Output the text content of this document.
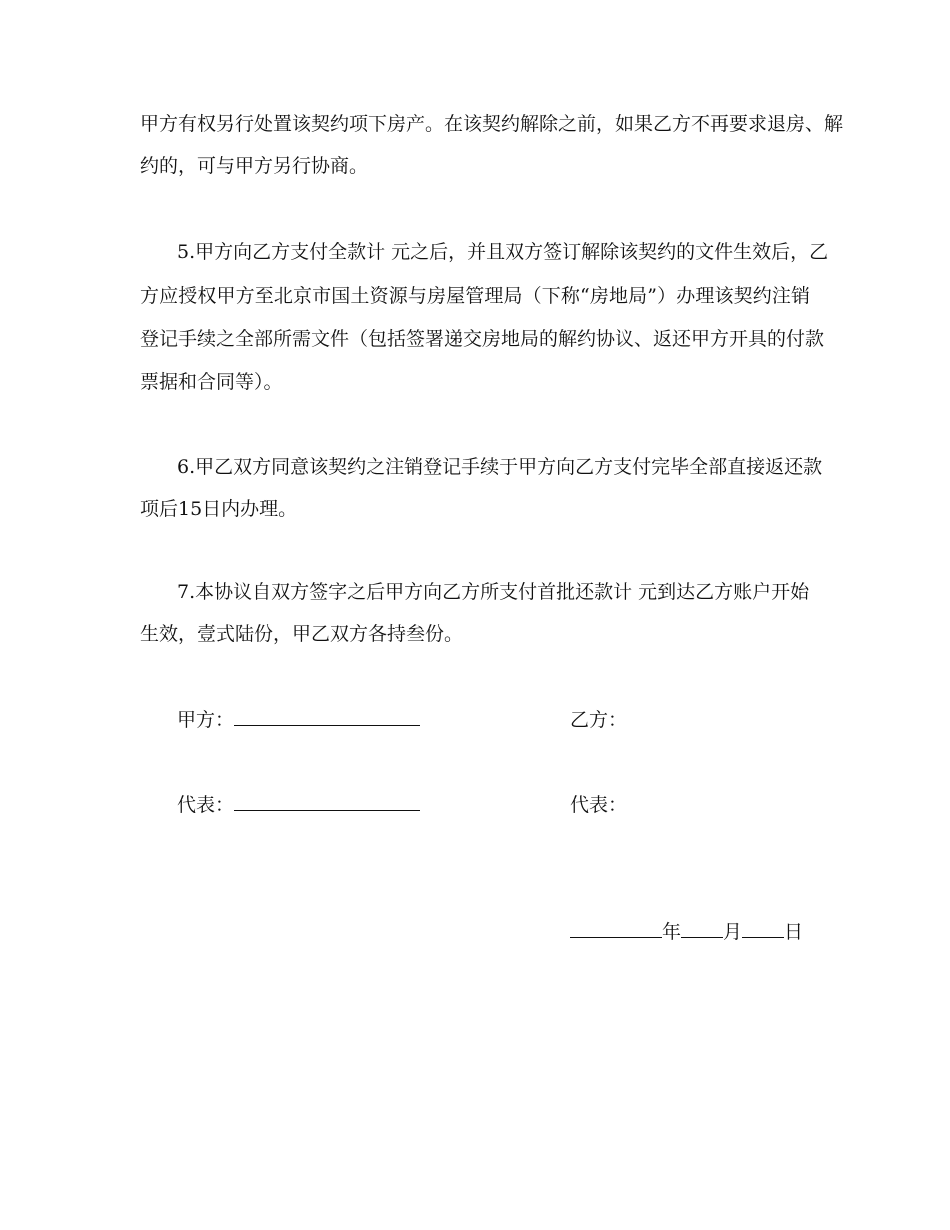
甲方有权另行处置该契约项下房产。在该契约解除之前，如果乙方不再要求退房、解
约的，可与甲方另行协商。
5.甲方向乙方支付全款计 元之后，并且双方签订解除该契约的文件生效后，乙
方应授权甲方至北京市国土资源与房屋管理局（下称“房地局”）办理该契约注销
登记手续之全部所需文件（包括签署递交房地局的解约协议、返还甲方开具的付款
票据和合同等）。
6.甲乙双方同意该契约之注销登记手续于甲方向乙方支付完毕全部直接返还款
项后15日内办理。
7.本协议自双方签字之后甲方向乙方所支付首批还款计 元到达乙方账户开始
生效，壹式陆份，甲乙双方各持叁份。
甲方：	乙方：
代表：	代表：
年 月 日
